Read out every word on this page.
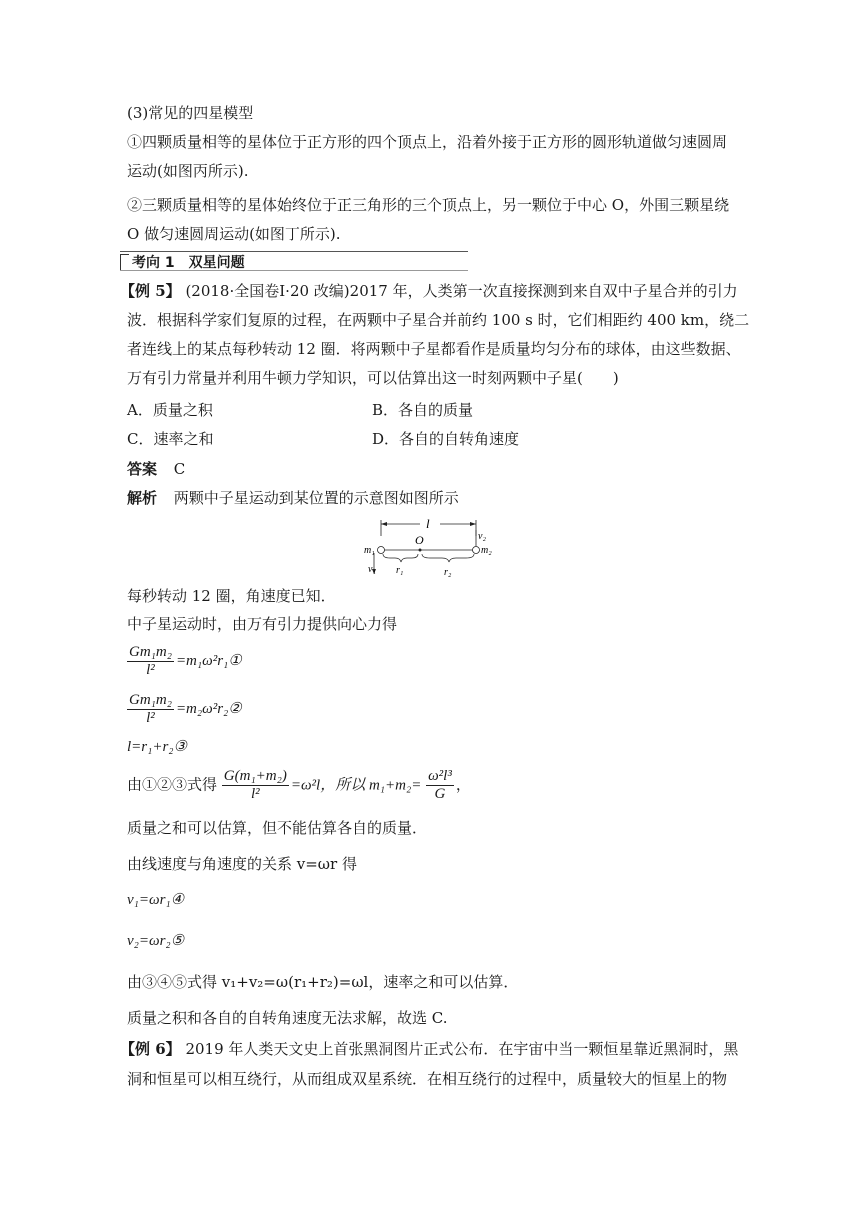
(3)常见的四星模型
①四颗质量相等的星体位于正方形的四个顶点上，沿着外接于正方形的圆形轨道做匀速圆周
运动(如图丙所示).
②三颗质量相等的星体始终位于正三角形的三个顶点上，另一颗位于中心 O，外围三颗星绕
O 做匀速圆周运动(如图丁所示).
考向 1　双星问题
【例 5】 (2018·全国卷Ⅰ·20 改编)2017 年，人类第一次直接探测到来自双中子星合并的引力
波．根据科学家们复原的过程，在两颗中子星合并前约 100 s 时，它们相距约 400 km，绕二
者连线上的某点每秒转动 12 圈．将两颗中子星都看作是质量均匀分布的球体，由这些数据、
万有引力常量并利用牛顿力学知识，可以估算出这一时刻两颗中子星(　　)
A．质量之积	B．各自的质量
C．速率之和	D．各自的自转角速度
答案 C
解析 两颗中子星运动到某位置的示意图如图所示
l
O
m₁	m₂
v₁
v₂
r₁	r₂
每秒转动 12 圈，角速度已知．
中子星运动时，由万有引力提供向心力得
$\frac{\text{Gm₁m₂}}{\text{l²}}$ =m₁ω²r₁①
$\frac{\text{Gm₁m₂}}{\text{l²}}$ =m₂ω²r₂②
l=r₁+r₂③
由①②③式得 $\frac{\text{G(m₁+m₂)}}{\text{l²}} =\omega^2l$，所以 $m_1+m_2= \frac{\text{ω²l³}}{G}$ ，
质量之和可以估算，但不能估算各自的质量．
由线速度与角速度的关系 v=ωr 得
v₁=ωr₁④
v₂=ωr₂⑤
由③④⑤式得 v₁+v₂=ω(r₁+r₂)=ωl，速率之和可以估算．
质量之积和各自的自转角速度无法求解，故选 C.
【例 6】 2019 年人类天文史上首张黑洞图片正式公布．在宇宙中当一颗恒星靠近黑洞时，黑
洞和恒星可以相互绕行，从而组成双星系统．在相互绕行的过程中，质量较大的恒星上的物
